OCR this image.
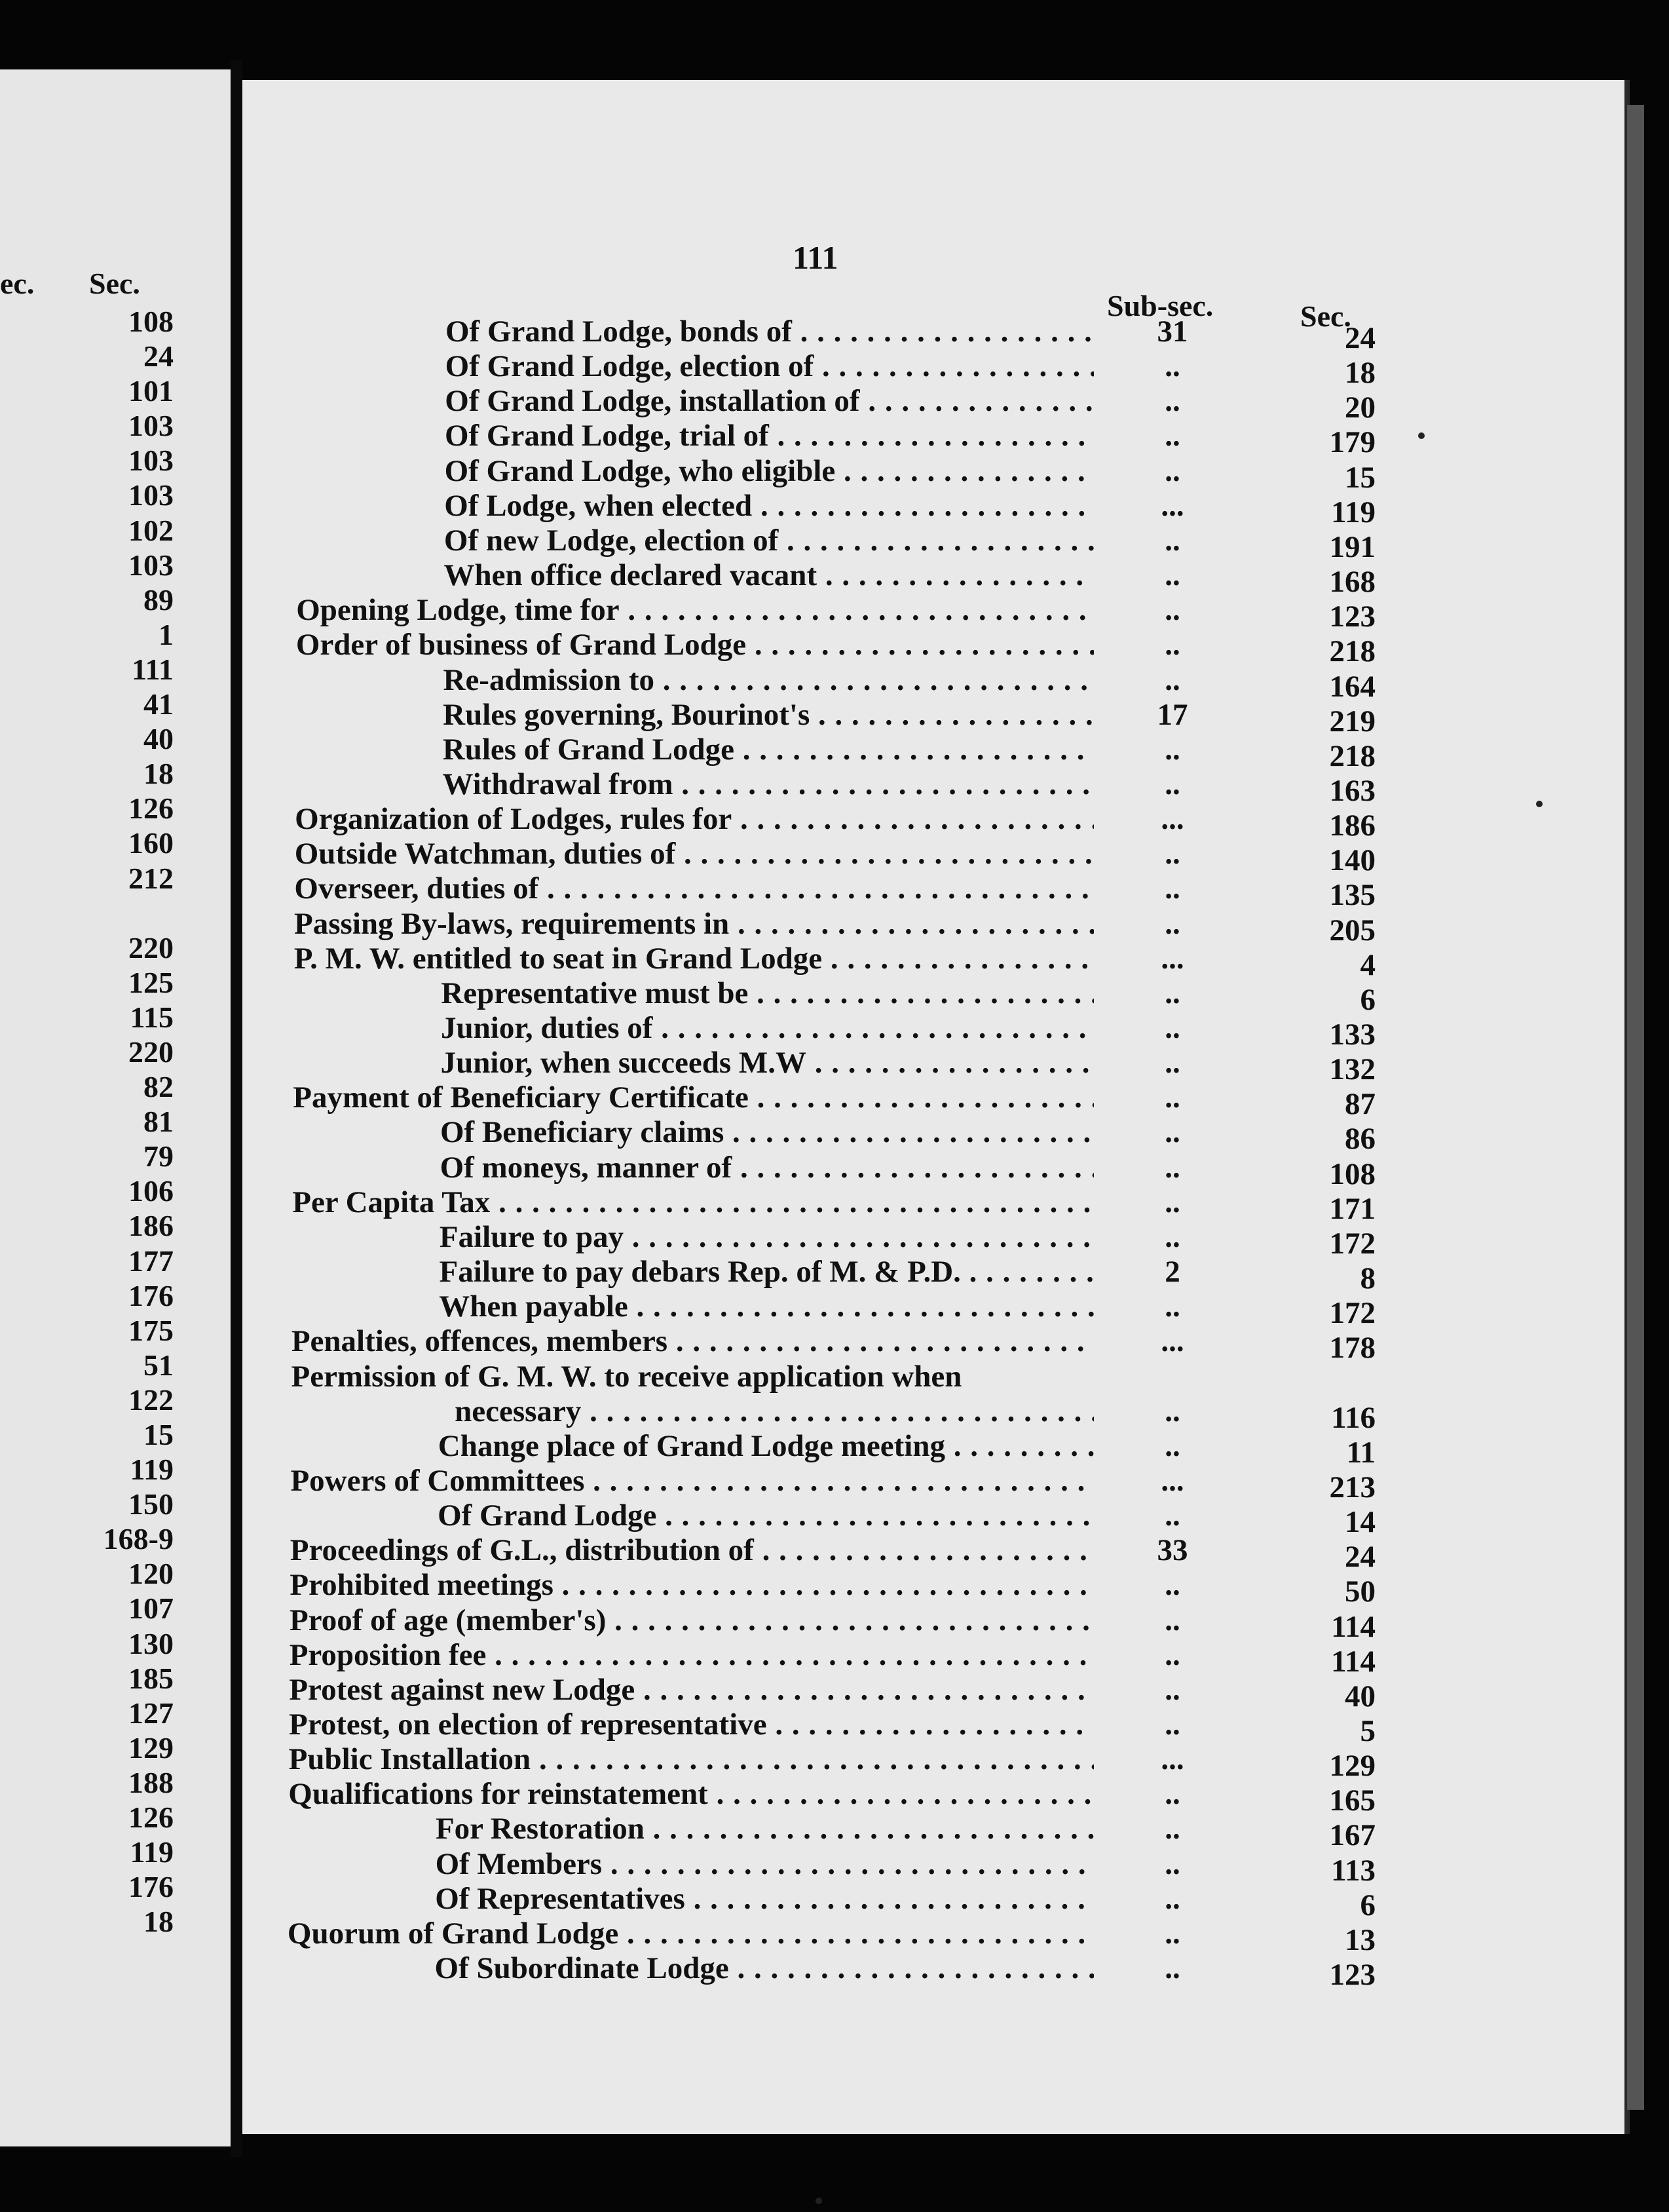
ec. Sec.
108
24
101
103
103
103
102
103
89
1
111
41
40
18
126
160
212
220
125
115
220
82
81
79
106
186
177
176
175
51
122
15
119
150
168-9
120
107
130
185
127
129
188
126
119
176
18
111
Sub-sec.	Sec.
Of Grand Lodge, bonds of . . .	31	24
Of Grand Lodge, election of . . .	..	18
Of Grand Lodge, installation of . . .	..	20
Of Grand Lodge, trial of . . .	..	179
Of Grand Lodge, who eligible . . .	..	15
Of Lodge, when elected . . .	...	119
Of new Lodge, election of . . .	..	191
When office declared vacant . . .	..	168
Opening Lodge, time for . . .	..	123
Order of business of Grand Lodge . . .	..	218
Re-admission to . . .	..	164
Rules governing, Bourinot's . . .	17	219
Rules of Grand Lodge . . .	..	218
Withdrawal from . . .	..	163
Organization of Lodges, rules for . . .	...	186
Outside Watchman, duties of . . .	..	140
Overseer, duties of . . .	..	135
Passing By-laws, requirements in . . .	..	205
P. M. W. entitled to seat in Grand Lodge . . .	...	4
Representative must be . . .	..	6
Junior, duties of . . .	..	133
Junior, when succeeds M.W . . .	..	132
Payment of Beneficiary Certificate . . .	..	87
Of Beneficiary claims . . .	..	86
Of moneys, manner of . . .	..	108
Per Capita Tax . . .	..	171
Failure to pay . . .	..	172
Failure to pay debars Rep. of M. & P.D. . . .	2	8
When payable . . .	..	172
Penalties, offences, members . . .	...	178
Permission of G. M. W. to receive application when
necessary . . .	..	116
Change place of Grand Lodge meeting . . .	..	11
Powers of Committees . . .	...	213
Of Grand Lodge . . .	..	14
Proceedings of G.L., distribution of . . .	33	24
Prohibited meetings . . .	..	50
Proof of age (member's) . . .	..	114
Proposition fee . . .	..	114
Protest against new Lodge . . .	..	40
Protest, on election of representative . . .	..	5
Public Installation . . .	...	129
Qualifications for reinstatement . . .	..	165
For Restoration . . .	..	167
Of Members . . .	..	113
Of Representatives . . .	..	6
Quorum of Grand Lodge . . .	..	13
Of Subordinate Lodge . . .	..	123
